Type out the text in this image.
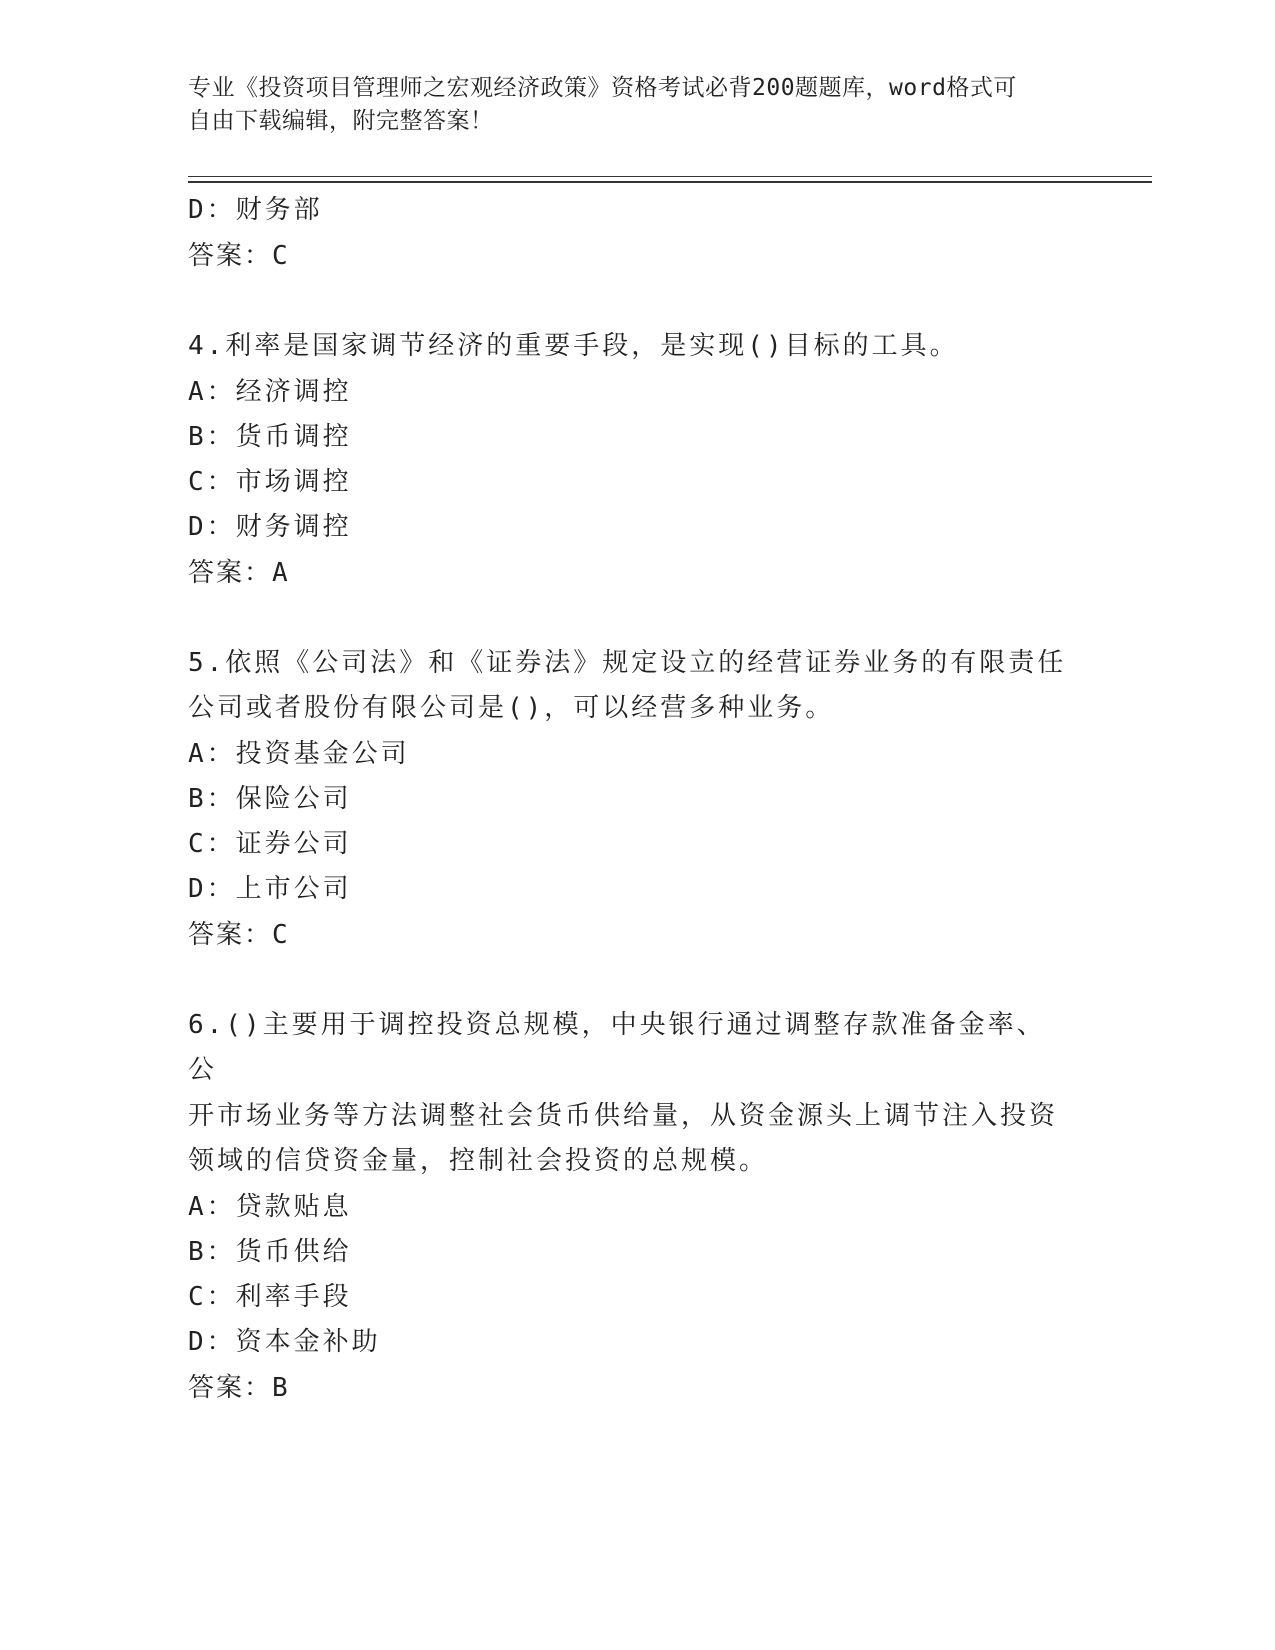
专业《投资项目管理师之宏观经济政策》资格考试必背200题题库，word格式可
自由下载编辑，附完整答案！
D：财务部
答案：C
4.利率是国家调节经济的重要手段，是实现()目标的工具。
A：经济调控
B：货币调控
C：市场调控
D：财务调控
答案：A
5.依照《公司法》和《证券法》规定设立的经营证券业务的有限责任
公司或者股份有限公司是()，可以经营多种业务。
A：投资基金公司
B：保险公司
C：证券公司
D：上市公司
答案：C
6.()主要用于调控投资总规模，中央银行通过调整存款准备金率、公
开市场业务等方法调整社会货币供给量，从资金源头上调节注入投资
领域的信贷资金量，控制社会投资的总规模。
A：贷款贴息
B：货币供给
C：利率手段
D：资本金补助
答案：B
